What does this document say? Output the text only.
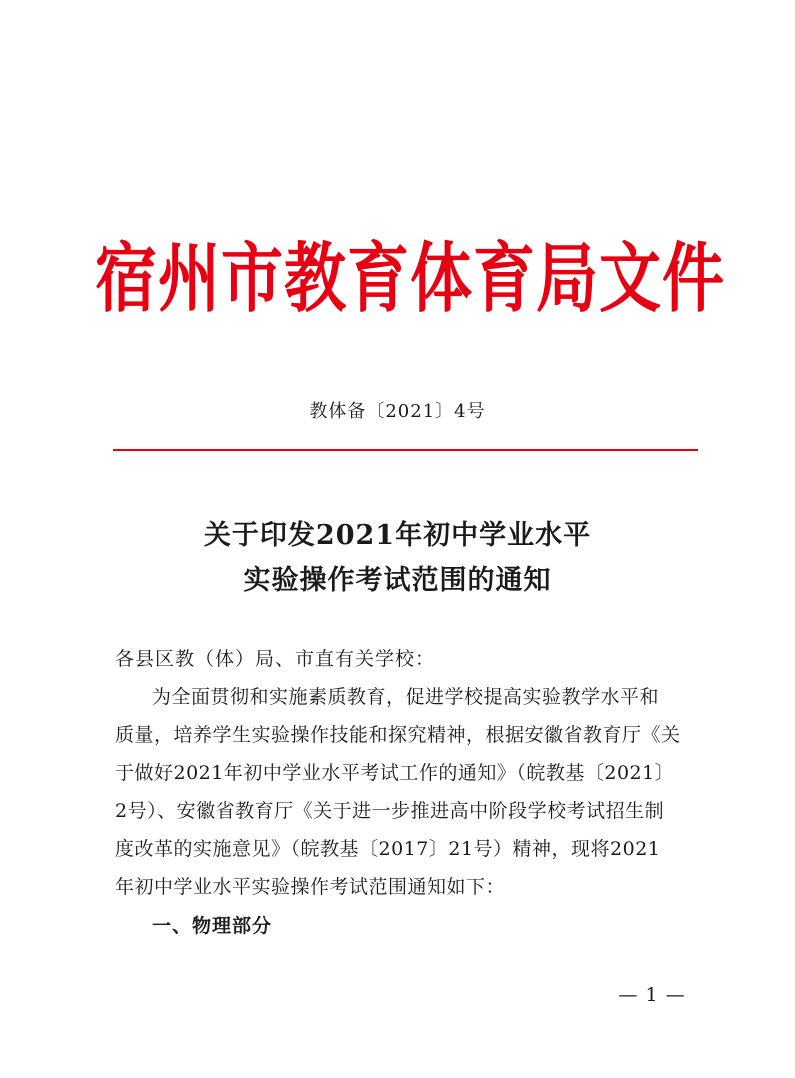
宿州市教育体育局文件
教体备〔2021〕4号
关于印发2021年初中学业水平
实验操作考试范围的通知
各县区教（体）局、市直有关学校：
为全面贯彻和实施素质教育，促进学校提高实验教学水平和
质量，培养学生实验操作技能和探究精神，根据安徽省教育厅《关
于做好2021年初中学业水平考试工作的通知》（皖教基〔2021〕
2号）、安徽省教育厅《关于进一步推进高中阶段学校考试招生制
度改革的实施意见》（皖教基〔2017〕21号）精神，现将2021
年初中学业水平实验操作考试范围通知如下：
一、物理部分
— 1 —
